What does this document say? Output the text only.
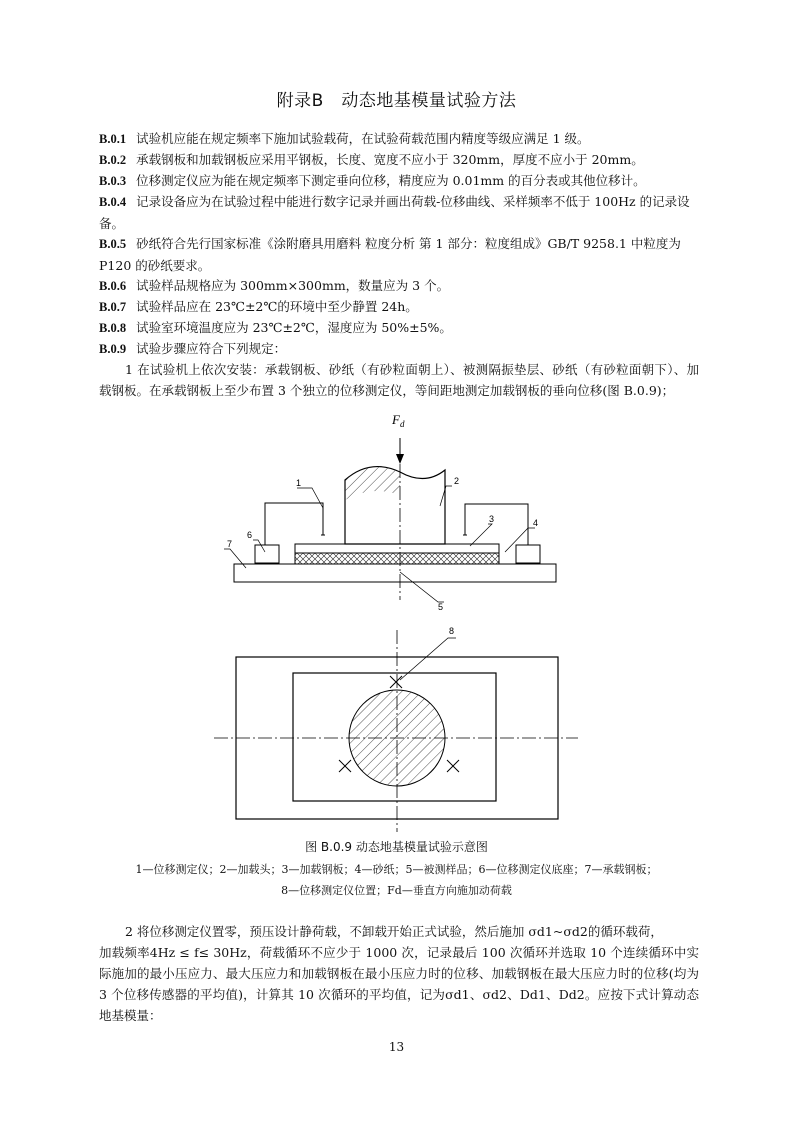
附录B　动态地基模量试验方法
B.0.1 试验机应能在规定频率下施加试验载荷，在试验荷载范围内精度等级应满足 1 级。
B.0.2 承载钢板和加载钢板应采用平钢板，长度、宽度不应小于 320mm，厚度不应小于 20mm。
B.0.3 位移测定仪应为能在规定频率下测定垂向位移，精度应为 0.01mm 的百分表或其他位移计。
B.0.4 记录设备应为在试验过程中能进行数字记录并画出荷载-位移曲线、采样频率不低于 100Hz 的记录设备。
B.0.5 砂纸符合先行国家标准《涂附磨具用磨料 粒度分析 第 1 部分：粒度组成》GB/T 9258.1 中粒度为 P120 的砂纸要求。
B.0.6 试验样品规格应为 300mm×300mm，数量应为 3 个。
B.0.7 试验样品应在 23℃±2℃的环境中至少静置 24h。
B.0.8 试验室环境温度应为 23℃±2℃，湿度应为 50%±5%。
B.0.9 试验步骤应符合下列规定：
1 在试验机上依次安装：承载钢板、砂纸（有砂粒面朝上）、被测隔振垫层、砂纸（有砂粒面朝下）、加载钢板。在承载钢板上至少布置 3 个独立的位移测定仪，等间距地测定加载钢板的垂向位移(图 B.0.9)；
$F_d$
1	2
3	4
5
6
7
8
图 B.0.9 动态地基模量试验示意图
1—位移测定仪；2—加载头；3—加载钢板；4—砂纸；5—被测样品；6—位移测定仪底座；7—承载钢板；
8—位移测定仪位置；Fd—垂直方向施加动荷载
2 将位移测定仪置零，预压设计静荷载，不卸载开始正式试验，然后施加 σd1~σd2的循环载荷，
加载频率4Hz ≤ f≤ 30Hz，荷载循环不应少于 1000 次，记录最后 100 次循环并选取 10 个连续循环中实际施加的最小压应力、最大压应力和加载钢板在最小压应力时的位移、加载钢板在最大压应力时的位移(均为 3 个位移传感器的平均值)，计算其 10 次循环的平均值，记为σd1、σd2、Dd1、Dd2。应按下式计算动态地基模量：
13
